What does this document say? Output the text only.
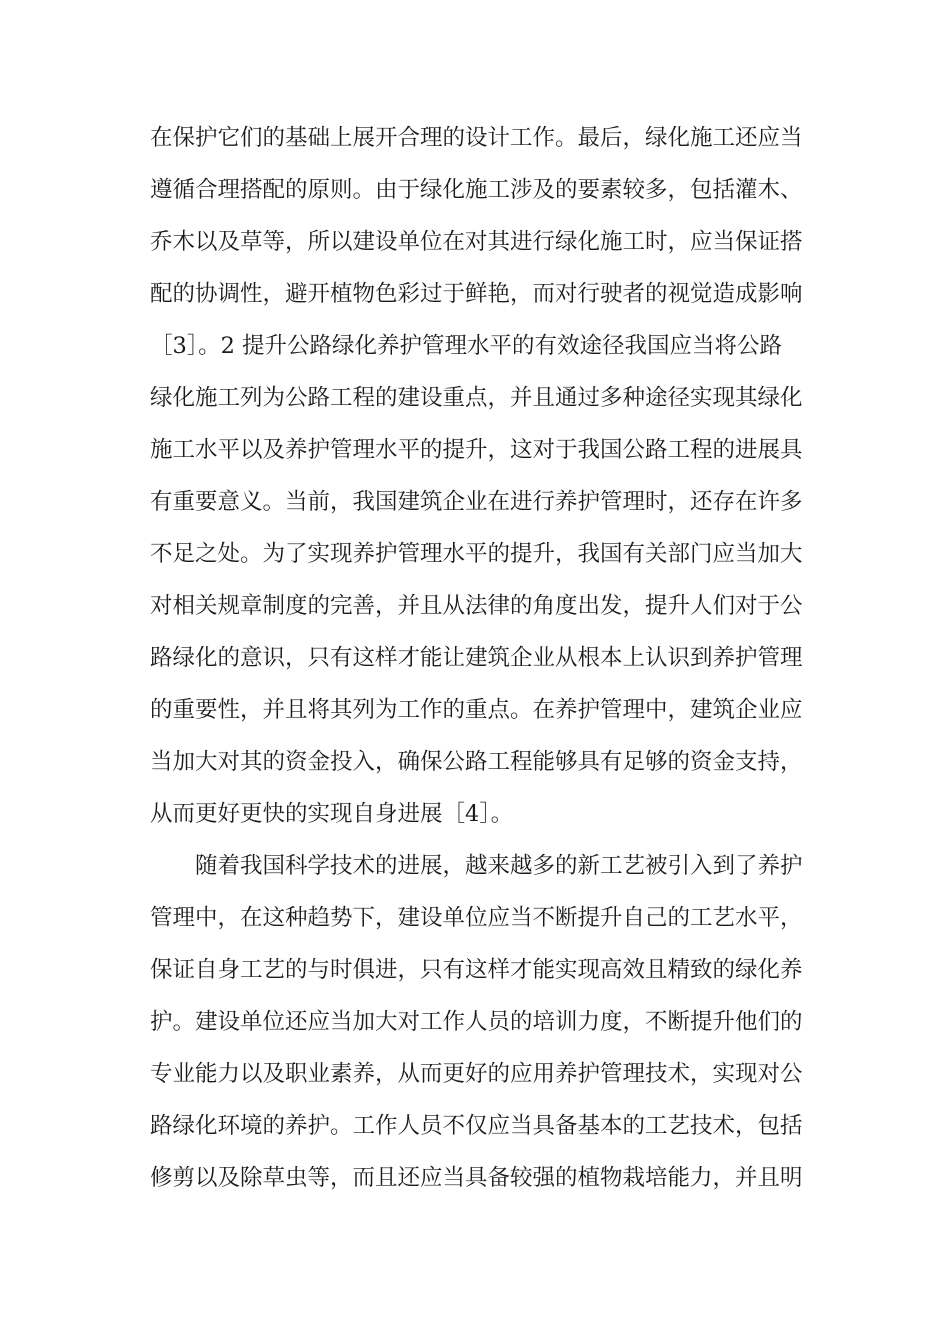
在保护它们的基础上展开合理的设计工作。最后，绿化施工还应当
遵循合理搭配的原则。由于绿化施工涉及的要素较多，包括灌木、
乔木以及草等，所以建设单位在对其进行绿化施工时，应当保证搭
配的协调性，避开植物色彩过于鲜艳，而对行驶者的视觉造成影响
［3］。2 提升公路绿化养护管理水平的有效途径我国应当将公路
绿化施工列为公路工程的建设重点，并且通过多种途径实现其绿化
施工水平以及养护管理水平的提升，这对于我国公路工程的进展具
有重要意义。当前，我国建筑企业在进行养护管理时，还存在许多
不足之处。为了实现养护管理水平的提升，我国有关部门应当加大
对相关规章制度的完善，并且从法律的角度出发，提升人们对于公
路绿化的意识，只有这样才能让建筑企业从根本上认识到养护管理
的重要性，并且将其列为工作的重点。在养护管理中，建筑企业应
当加大对其的资金投入，确保公路工程能够具有足够的资金支持，
从而更好更快的实现自身进展［4］。
随着我国科学技术的进展，越来越多的新工艺被引入到了养护
管理中，在这种趋势下，建设单位应当不断提升自己的工艺水平，
保证自身工艺的与时俱进，只有这样才能实现高效且精致的绿化养
护。建设单位还应当加大对工作人员的培训力度，不断提升他们的
专业能力以及职业素养，从而更好的应用养护管理技术，实现对公
路绿化环境的养护。工作人员不仅应当具备基本的工艺技术，包括
修剪以及除草虫等，而且还应当具备较强的植物栽培能力，并且明
